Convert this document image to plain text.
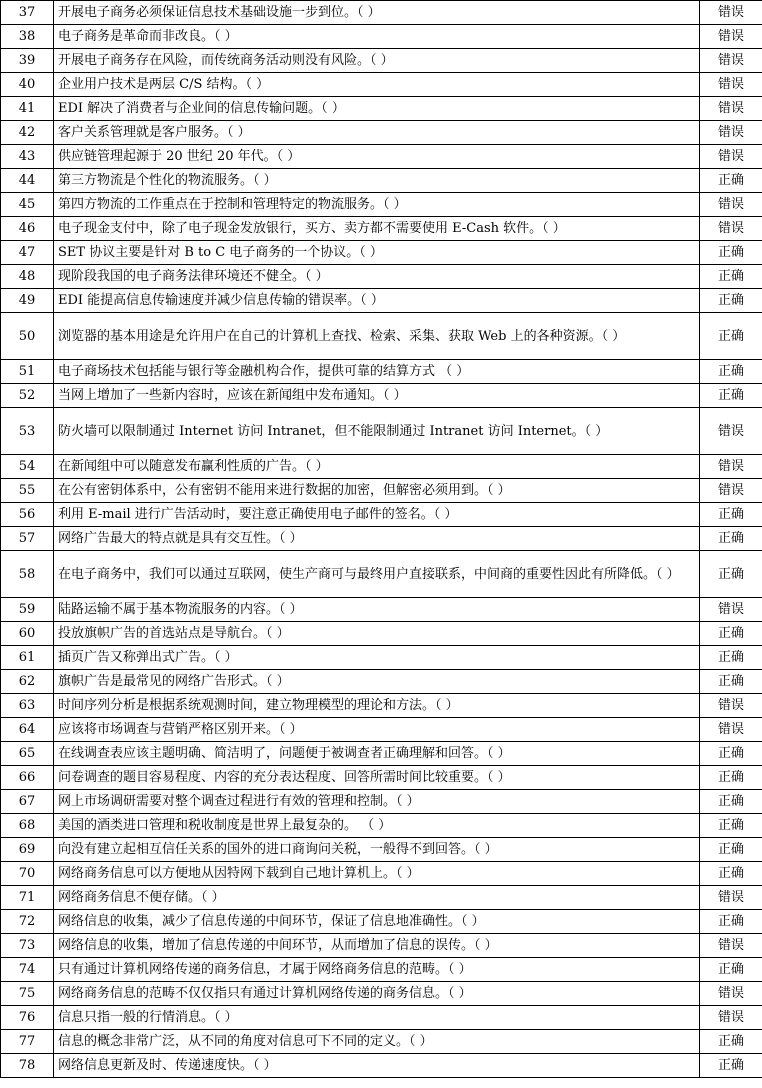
37	开展电子商务必须保证信息技术基础设施一步到位。（ ）	错误
38	电子商务是革命而非改良。（ ）	错误
39	开展电子商务存在风险，而传统商务活动则没有风险。（ ）	错误
40	企业用户技术是两层 C/S 结构。（ ）	错误
41	EDI 解决了消费者与企业间的信息传输问题。（ ）	错误
42	客户关系管理就是客户服务。（ ）	错误
43	供应链管理起源于 20 世纪 20 年代。（ ）	错误
44	第三方物流是个性化的物流服务。（ ）	正确
45	第四方物流的工作重点在于控制和管理特定的物流服务。（ ）	错误
46	电子现金支付中，除了电子现金发放银行，买方、卖方都不需要使用 E-Cash 软件。（ ）	错误
47	SET 协议主要是针对 B to C 电子商务的一个协议。（ ）	正确
48	现阶段我国的电子商务法律环境还不健全。（ ）	正确
49	EDI 能提高信息传输速度并减少信息传输的错误率。（ ）	正确
50	浏览器的基本用途是允许用户在自己的计算机上查找、检索、采集、获取 Web 上的各种资源。（ ）	正确
51	电子商场技术包括能与银行等金融机构合作，提供可靠的结算方式 （ ）	正确
52	当网上增加了一些新内容时，应该在新闻组中发布通知。（ ）	正确
53	防火墙可以限制通过 Internet 访问 Intranet，但不能限制通过 Intranet 访问 Internet。（ ）	错误
54	在新闻组中可以随意发布赢利性质的广告。（ ）	错误
55	在公有密钥体系中，公有密钥不能用来进行数据的加密，但解密必须用到。（ ）	错误
56	利用 E-mail 进行广告活动时，要注意正确使用电子邮件的签名。（ ）	正确
57	网络广告最大的特点就是具有交互性。（ ）	正确
58	在电子商务中，我们可以通过互联网，使生产商可与最终用户直接联系，中间商的重要性因此有所降低。（ ）	正确
59	陆路运输不属于基本物流服务的内容。（ ）	错误
60	投放旗帜广告的首选站点是导航台。（ ）	正确
61	插页广告又称弹出式广告。（ ）	正确
62	旗帜广告是最常见的网络广告形式。（ ）	正确
63	时间序列分析是根据系统观测时间，建立物理模型的理论和方法。（ ）	错误
64	应该将市场调查与营销严格区别开来。（ ）	错误
65	在线调查表应该主题明确、简洁明了，问题便于被调查者正确理解和回答。（ ）	正确
66	问卷调查的题目容易程度、内容的充分表达程度、回答所需时间比较重要。（ ）	正确
67	网上市场调研需要对整个调查过程进行有效的管理和控制。（ ）	正确
68	美国的酒类进口管理和税收制度是世界上最复杂的。 （ ）	正确
69	向没有建立起相互信任关系的国外的进口商询问关税，一般得不到回答。（ ）	正确
70	网络商务信息可以方便地从因特网下载到自己地计算机上。（ ）	正确
71	网络商务信息不便存储。（ ）	错误
72	网络信息的收集，减少了信息传递的中间环节，保证了信息地准确性。（ ）	正确
73	网络信息的收集，增加了信息传递的中间环节，从而增加了信息的误传。（ ）	错误
74	只有通过计算机网络传递的商务信息，才属于网络商务信息的范畴。（ ）	正确
75	网络商务信息的范畴不仅仅指只有通过计算机网络传递的商务信息。（ ）	错误
76	信息只指一般的行情消息。（ ）	错误
77	信息的概念非常广泛，从不同的角度对信息可下不同的定义。（ ）	正确
78	网络信息更新及时、传递速度快。（ ）	正确
